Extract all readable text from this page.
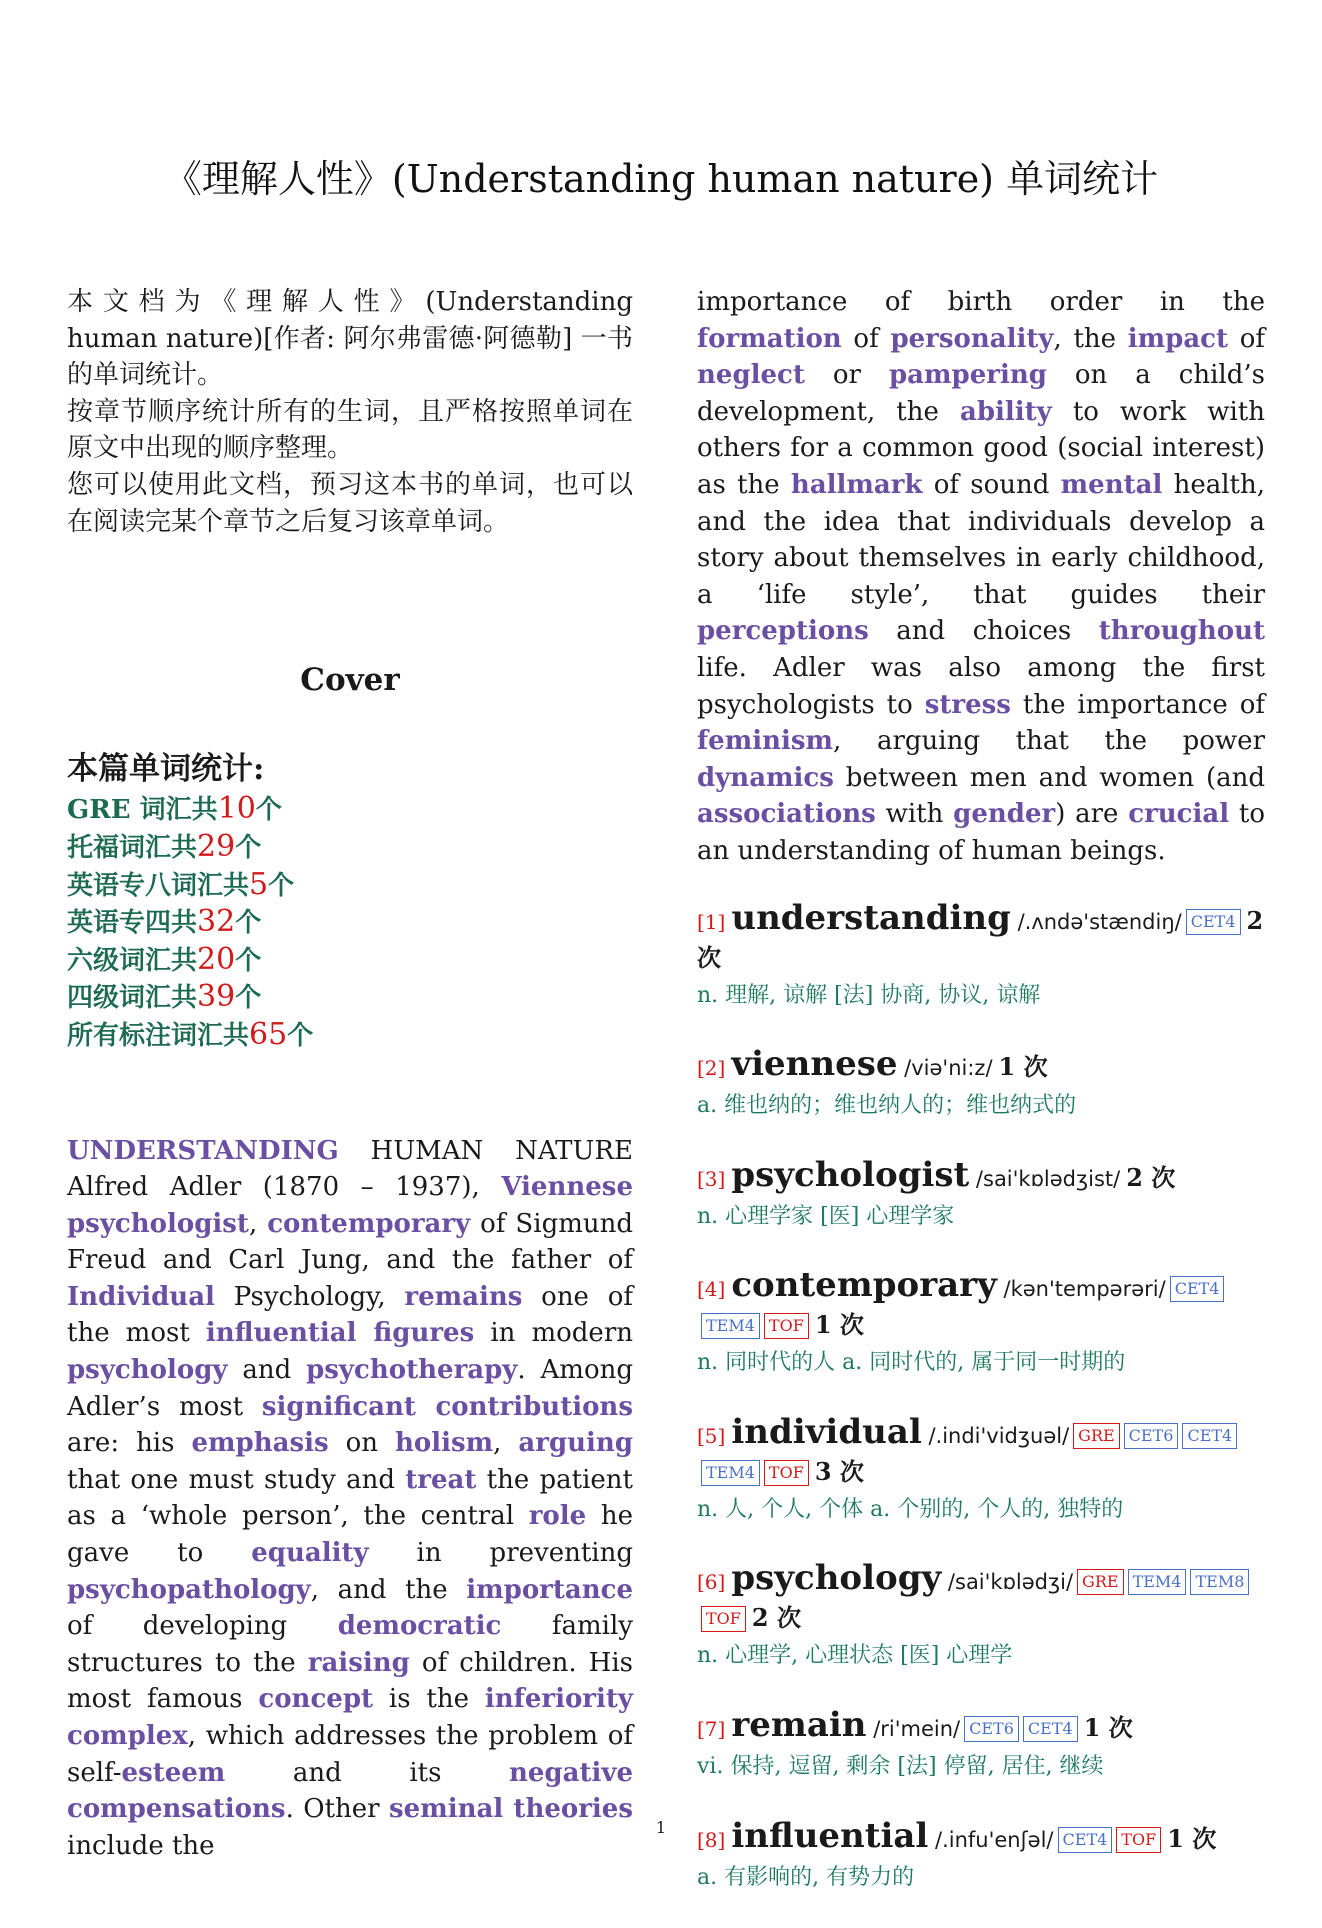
《理解人性》(Understanding human nature) 单词统计

本文档为《理解人性》(Understanding human nature)[作者: 阿尔弗雷德·阿德勒] 一书的单词统计。

按章节顺序统计所有的生词，且严格按照单词在原文中出现的顺序整理。

您可以使用此文档，预习这本书的单词，也可以在阅读完某个章节之后复习该章单词。

Cover
本篇单词统计:
GRE 词汇共10个
托福词汇共29个
英语专八词汇共5个
英语专四共32个
六级词汇共20个
四级词汇共39个
所有标注词汇共65个
UNDERSTANDING HUMAN NATURE Alfred Adler (1870 – 1937), Viennese psychologist, contemporary of Sigmund Freud and Carl Jung, and the father of Individual Psychology, remains one of the most influential figures in modern psychology and psychotherapy. Among Adler’s most significant contributions are: his emphasis on holism, arguing that one must study and treat the patient as a ‘whole person’, the central role he gave to equality in preventing psychopathology, and the importance of developing democratic family structures to the raising of children. His most famous concept is the inferiority complex, which addresses the problem of self-esteem and its negative compensations. Other seminal theories include the
importance of birth order in the formation of personality, the impact of neglect or pampering on a child’s development, the ability to work with others for a common good (social interest) as the hallmark of sound mental health, and the idea that individuals develop a story about themselves in early childhood, a ‘life style’, that guides their perceptions and choices throughout life. Adler was also among the first psychologists to stress the importance of feminism, arguing that the power dynamics between men and women (and associations with gender) are crucial to an understanding of human beings.
[1] understanding /.ʌndə'stændiŋ/ CET4 2 次
n. 理解, 谅解 [法] 协商, 协议, 谅解
[2] viennese /viə'ni:z/ 1 次
a. 维也纳的；维也纳人的；维也纳式的
[3] psychologist /sai'kɒlədʒist/ 2 次
n. 心理学家 [医] 心理学家
[4] contemporary /kən'tempərəri/ CET4TEM4 TOF 1 次
n. 同时代的人 a. 同时代的, 属于同一时期的
[5] individual /.indi'vidʒuəl/ GRE CET6 CET4TEM4 TOF 3 次
n. 人, 个人, 个体 a. 个别的, 个人的, 独特的
[6] psychology /sai'kɒlədʒi/ GRE TEM4 TEM8TOF 2 次
n. 心理学, 心理状态 [医] 心理学
[7] remain /ri'mein/ CET6 CET4 1 次
vi. 保持, 逗留, 剩余 [法] 停留, 居住, 继续
[8] influential /.infu'enʃəl/ CET4 TOF 1 次
a. 有影响的, 有势力的
1
